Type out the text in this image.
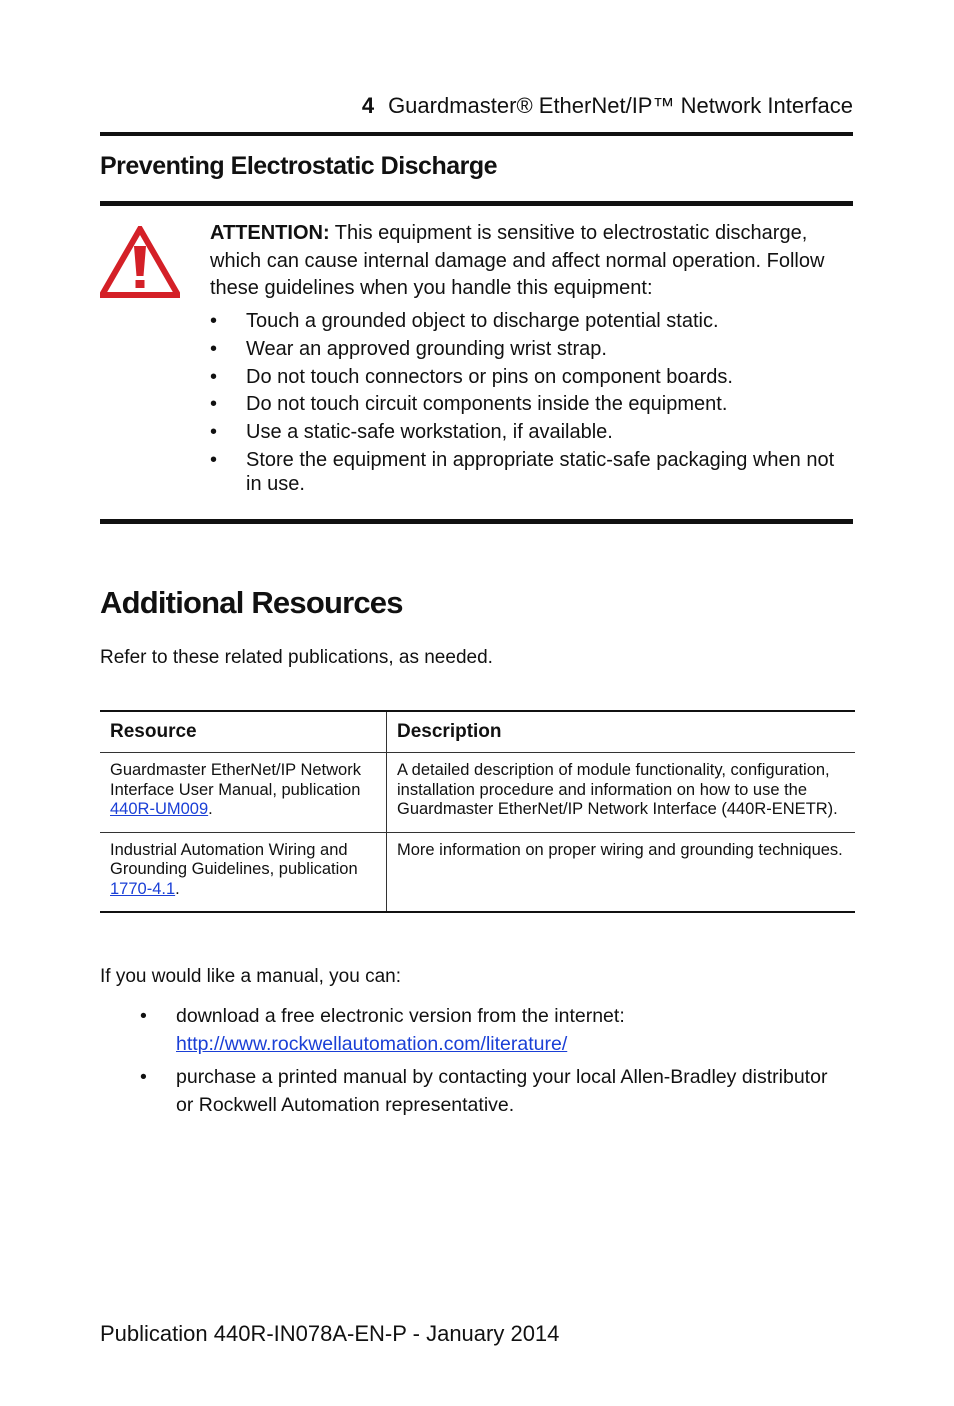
4 Guardmaster® EtherNet/IP™ Network Interface
Preventing Electrostatic Discharge

ATTENTION: This equipment is sensitive to electrostatic discharge, which can cause internal damage and affect normal operation. Follow these guidelines when you handle this equipment:

• Touch a grounded object to discharge potential static.
• Wear an approved grounding wrist strap.
• Do not touch connectors or pins on component boards.
• Do not touch circuit components inside the equipment.
• Use a static-safe workstation, if available.
• Store the equipment in appropriate static-safe packaging when not in use.
Additional Resources

Refer to these related publications, as needed.

Resource	Description
Guardmaster EtherNet/IP Network Interface User Manual, publication 440R-UM009.	A detailed description of module functionality, configuration, installation procedure and information on how to use the Guardmaster EtherNet/IP Network Interface (440R-ENETR).
Industrial Automation Wiring and Grounding Guidelines, publication 1770-4.1.	More information on proper wiring and grounding techniques.

If you would like a manual, you can:

• download a free electronic version from the internet:
http://www.rockwellautomation.com/literature/
• purchase a printed manual by contacting your local Allen-Bradley distributor or Rockwell Automation representative.

Publication 440R-IN078A-EN-P - January 2014
